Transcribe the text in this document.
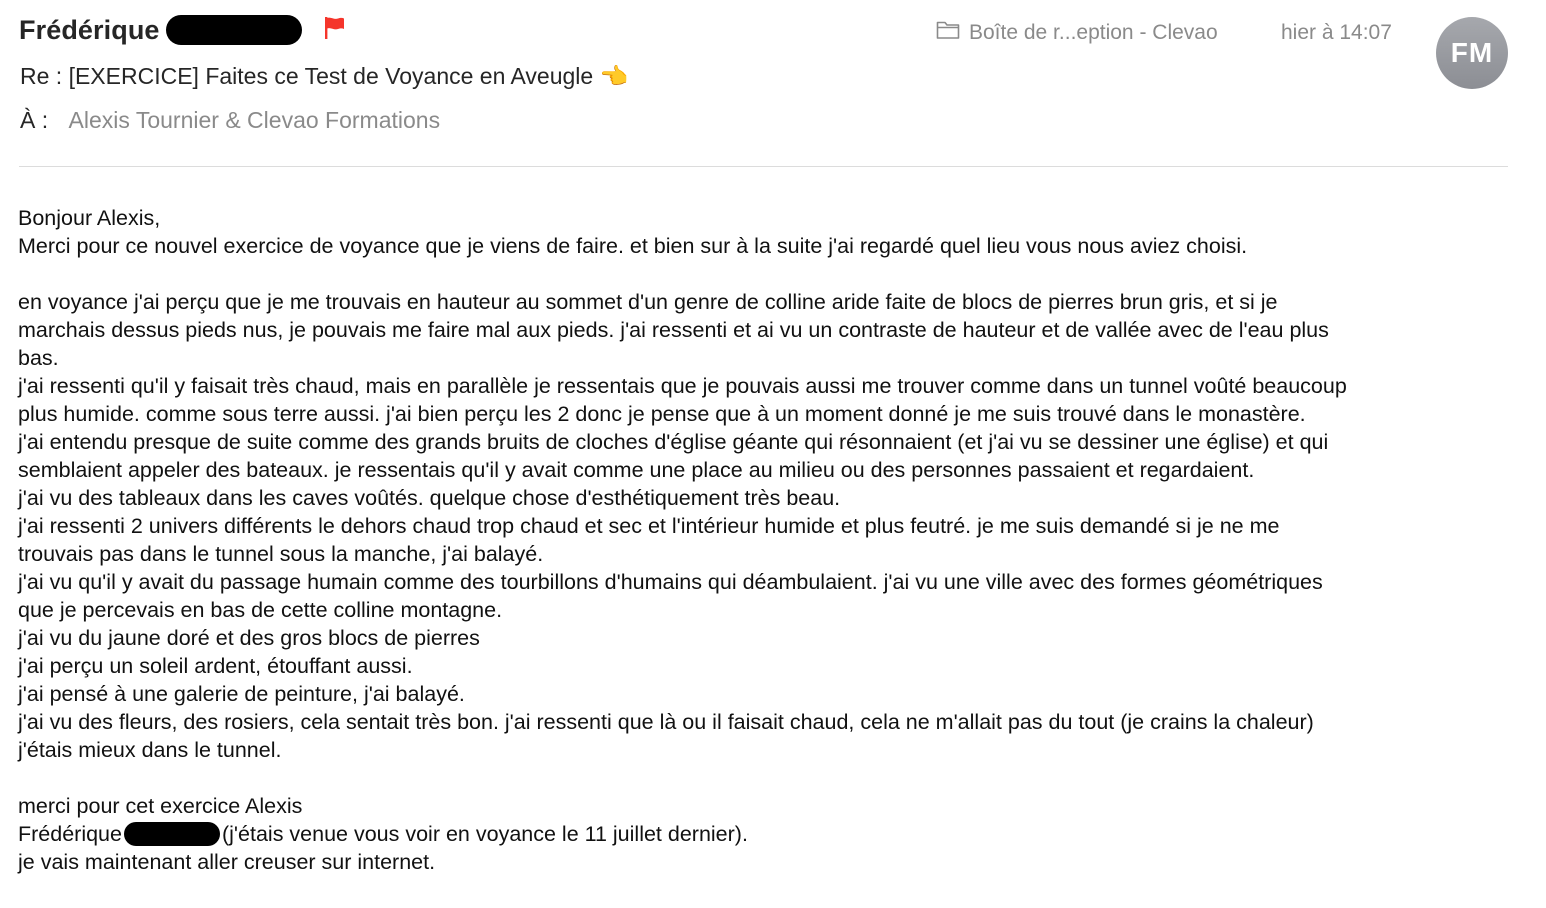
Frédérique	Boîte de r...eption - Clevao	hier à 14:07
FM
Re : [EXERCICE] Faites ce Test de Voyance en Aveugle 👈
À : Alexis Tournier & Clevao Formations
Bonjour Alexis,
Merci pour ce nouvel exercice de voyance que je viens de faire. et bien sur à la suite j'ai regardé quel lieu vous nous aviez choisi.
en voyance j'ai perçu que je me trouvais en hauteur au sommet d'un genre de colline aride faite de blocs de pierres brun gris, et si je
marchais dessus pieds nus, je pouvais me faire mal aux pieds. j'ai ressenti et ai vu un contraste de hauteur et de vallée avec de l'eau plus
bas.
j'ai ressenti qu'il y faisait très chaud, mais en parallèle je ressentais que je pouvais aussi me trouver comme dans un tunnel voûté beaucoup
plus humide. comme sous terre aussi. j'ai bien perçu les 2 donc je pense que à un moment donné je me suis trouvé dans le monastère.
j'ai entendu presque de suite comme des grands bruits de cloches d'église géante qui résonnaient (et j'ai vu se dessiner une église) et qui
semblaient appeler des bateaux. je ressentais qu'il y avait comme une place au milieu ou des personnes passaient et regardaient.
j'ai vu des tableaux dans les caves voûtés. quelque chose d'esthétiquement très beau.
j'ai ressenti 2 univers différents le dehors chaud trop chaud et sec et l'intérieur humide et plus feutré. je me suis demandé si je ne me
trouvais pas dans le tunnel sous la manche, j'ai balayé.
j'ai vu qu'il y avait du passage humain comme des tourbillons d'humains qui déambulaient. j'ai vu une ville avec des formes géométriques
que je percevais en bas de cette colline montagne.
j'ai vu du jaune doré et des gros blocs de pierres
j'ai perçu un soleil ardent, étouffant aussi.
j'ai pensé à une galerie de peinture, j'ai balayé.
j'ai vu des fleurs, des rosiers, cela sentait très bon. j'ai ressenti que là ou il faisait chaud, cela ne m'allait pas du tout (je crains la chaleur)
j'étais mieux dans le tunnel.
merci pour cet exercice Alexis
Frédérique	(j'étais venue vous voir en voyance le 11 juillet dernier).
je vais maintenant aller creuser sur internet.
